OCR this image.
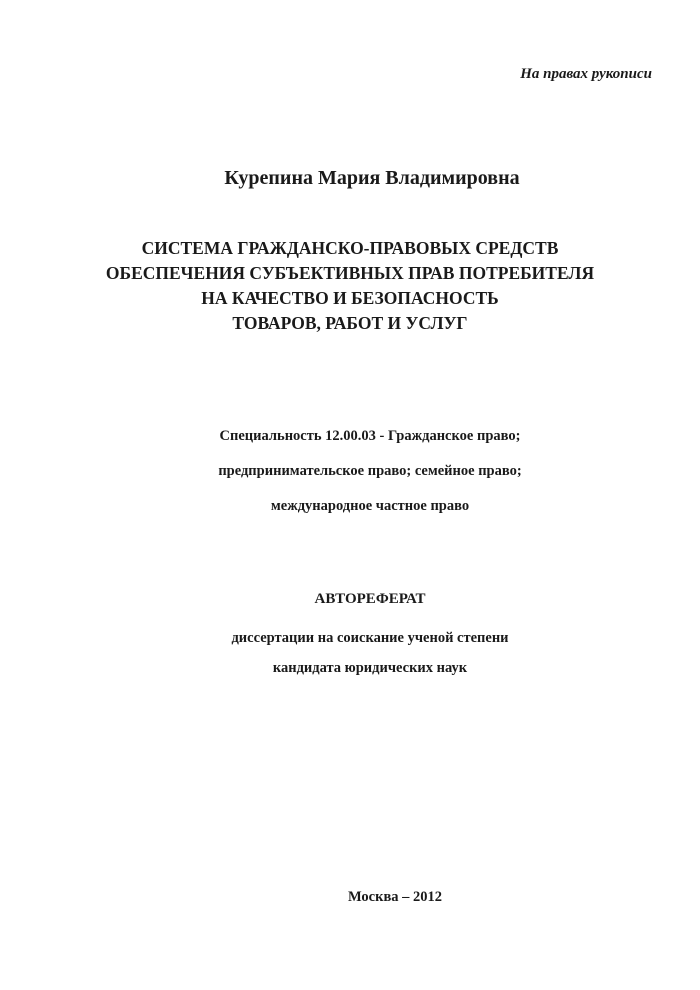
На правах рукописи
Курепина Мария Владимировна
СИСТЕМА ГРАЖДАНСКО-ПРАВОВЫХ СРЕДСТВ
ОБЕСПЕЧЕНИЯ СУБЪЕКТИВНЫХ ПРАВ ПОТРЕБИТЕЛЯ
НА КАЧЕСТВО И БЕЗОПАСНОСТЬ
ТОВАРОВ, РАБОТ И УСЛУГ
Специальность 12.00.03 - Гражданское право;
предпринимательское право; семейное право;
международное частное право
АВТОРЕФЕРАТ
диссертации на соискание ученой степени
кандидата юридических наук
Москва – 2012
